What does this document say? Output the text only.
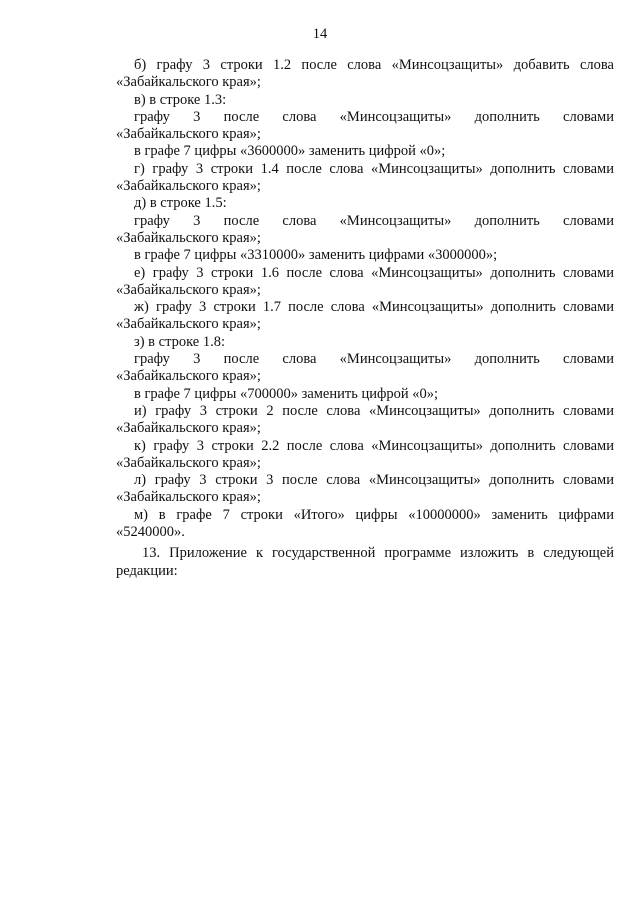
14
б) графу 3 строки 1.2 после слова «Минсоцзащиты» добавить слова
«Забайкальского края»;
в) в строке 1.3:
графу 3 после слова «Минсоцзащиты» дополнить словами
«Забайкальского края»;
в графе 7 цифры «3600000» заменить цифрой «0»;
г) графу 3 строки 1.4 после слова «Минсоцзащиты» дополнить словами
«Забайкальского края»;
д) в строке 1.5:
графу 3 после слова «Минсоцзащиты» дополнить словами
«Забайкальского края»;
в графе 7 цифры «3310000» заменить цифрами «3000000»;
е) графу 3 строки 1.6 после слова «Минсоцзащиты» дополнить словами
«Забайкальского края»;
ж) графу 3 строки 1.7 после слова «Минсоцзащиты» дополнить словами
«Забайкальского края»;
з) в строке 1.8:
графу 3 после слова «Минсоцзащиты» дополнить словами
«Забайкальского края»;
в графе 7 цифры «700000» заменить цифрой «0»;
и) графу 3 строки 2 после слова «Минсоцзащиты» дополнить словами
«Забайкальского края»;
к) графу 3 строки 2.2 после слова «Минсоцзащиты» дополнить словами
«Забайкальского края»;
л) графу 3 строки 3 после слова «Минсоцзащиты» дополнить словами
«Забайкальского края»;
м) в графе 7 строки «Итого» цифры «10000000» заменить цифрами
«5240000».
13. Приложение к государственной программе изложить в следующей
редакции:
